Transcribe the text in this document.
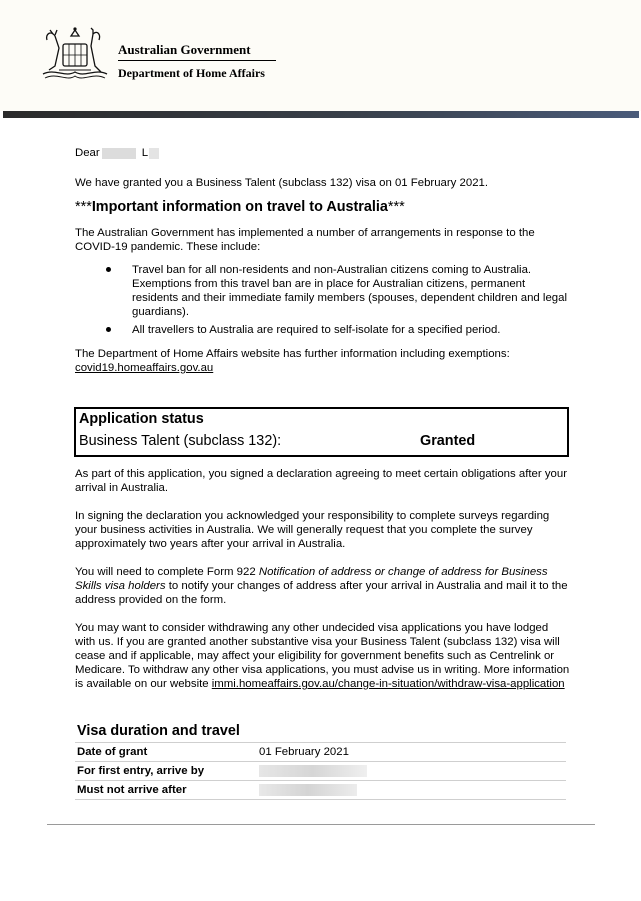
Australian Government
Department of Home Affairs

Dear	L

We have granted you a Business Talent (subclass 132) visa on 01 February 2021.

***Important information on travel to Australia***

The Australian Government has implemented a number of arrangements in response to the COVID-19 pandemic. These include:

Travel ban for all non-residents and non-Australian citizens coming to Australia. Exemptions from this travel ban are in place for Australian citizens, permanent residents and their immediate family members (spouses, dependent children and legal guardians).
All travellers to Australia are required to self-isolate for a specified period.

The Department of Home Affairs website has further information including exemptions:
covid19.homeaffairs.gov.au

Application status
Business Talent (subclass 132):	Granted

As part of this application, you signed a declaration agreeing to meet certain obligations after your arrival in Australia.

In signing the declaration you acknowledged your responsibility to complete surveys regarding your business activities in Australia. We will generally request that you complete the survey approximately two years after your arrival in Australia.

You will need to complete Form 922 Notification of address or change of address for Business Skills visa holders to notify your changes of address after your arrival in Australia and mail it to the address provided on the form.

You may want to consider withdrawing any other undecided visa applications you have lodged with us. If you are granted another substantive visa your Business Talent (subclass 132) visa will cease and if applicable, may affect your eligibility for government benefits such as Centrelink or Medicare. To withdraw any other visa applications, you must advise us in writing. More information is available on our website immi.homeaffairs.gov.au/change-in-situation/withdraw-visa-application

Visa duration and travel
Date of grant	01 February 2021
For first entry, arrive by	
Must not arrive after	
